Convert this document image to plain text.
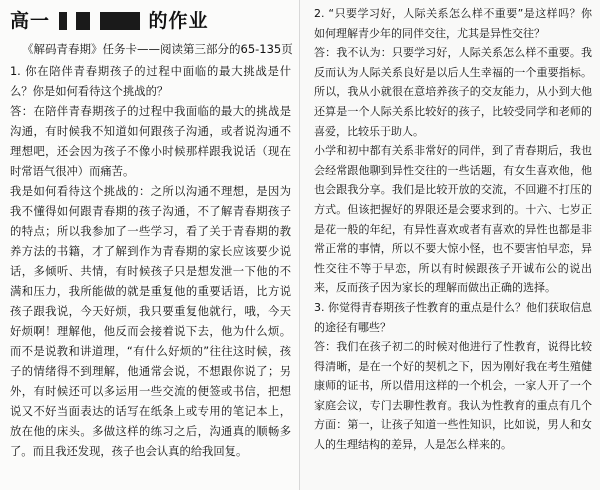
高一	的作业
《解码青春期》任务卡——阅读第三部分的65-135页

1. 你在陪伴青春期孩子的过程中面临的最大挑战是什么？你是如何看待这个挑战的？

答：在陪伴青春期孩子的过程中我面临的最大的挑战是沟通，有时候我不知道如何跟孩子沟通，或者说沟通不理想吧，还会因为孩子不像小时候那样跟我说话（现在时常语气很冲）而痛苦。

我是如何看待这个挑战的：之所以沟通不理想，是因为我不懂得如何跟青春期的孩子沟通，不了解青春期孩子的特点；所以我参加了一些学习，看了关于青春期的教养方法的书籍，才了解到作为青春期的家长应该要少说话，多倾听、共情，有时候孩子只是想发泄一下他的不满和压力，我所能做的就是重复他的重要话语，比方说孩子跟我说，今天好烦，我只要重复他就行，哦，今天好烦啊！理解他，他反而会接着说下去，他为什么烦。而不是说教和讲道理，“有什么好烦的”往往这时候，孩子的情绪得不到理解，他通常会说，不想跟你说了；另外，有时候还可以多运用一些交流的便签或书信，把想说又不好当面表达的话写在纸条上或专用的笔记本上，放在他的床头。多做这样的练习之后，沟通真的顺畅多了。而且我还发现，孩子也会认真的给我回复。

2. “只要学习好，人际关系怎么样不重要”是这样吗？你如何理解青少年的同伴交往，尤其是异性交往？

答：我不认为：只要学习好，人际关系怎么样不重要。我反而认为人际关系良好是以后人生幸福的一个重要指标。所以，我从小就很在意培养孩子的交友能力，从小到大他还算是一个人际关系比较好的孩子，比较受同学和老师的喜爱，比较乐于助人。

小学和初中都有关系非常好的同伴，到了青春期后，我也会经常跟他聊到异性交往的一些话题，有女生喜欢他，他也会跟我分享。我们是比较开放的交流，不回避不打压的方式。但该把握好的界限还是会要求到的。十六、七岁正是花一般的年纪，有异性喜欢或者有喜欢的异性也都是非常正常的事情，所以不要大惊小怪，也不要害怕早恋，异性交往不等于早恋，所以有时候跟孩子开诚布公的说出来，反而孩子因为家长的理解而做出正确的选择。

3. 你觉得青春期孩子性教育的重点是什么？他们获取信息的途径有哪些？

答：我们在孩子初二的时候对他进行了性教育，说得比较得清晰，是在一个好的契机之下，因为刚好我在考生殖健康师的证书，所以借用这样的一个机会，一家人开了一个家庭会议，专门去聊性教育。我认为性教育的重点有几个方面：第一，让孩子知道一些性知识，比如说，男人和女人的生理结构的差异，人是怎么样来的。
